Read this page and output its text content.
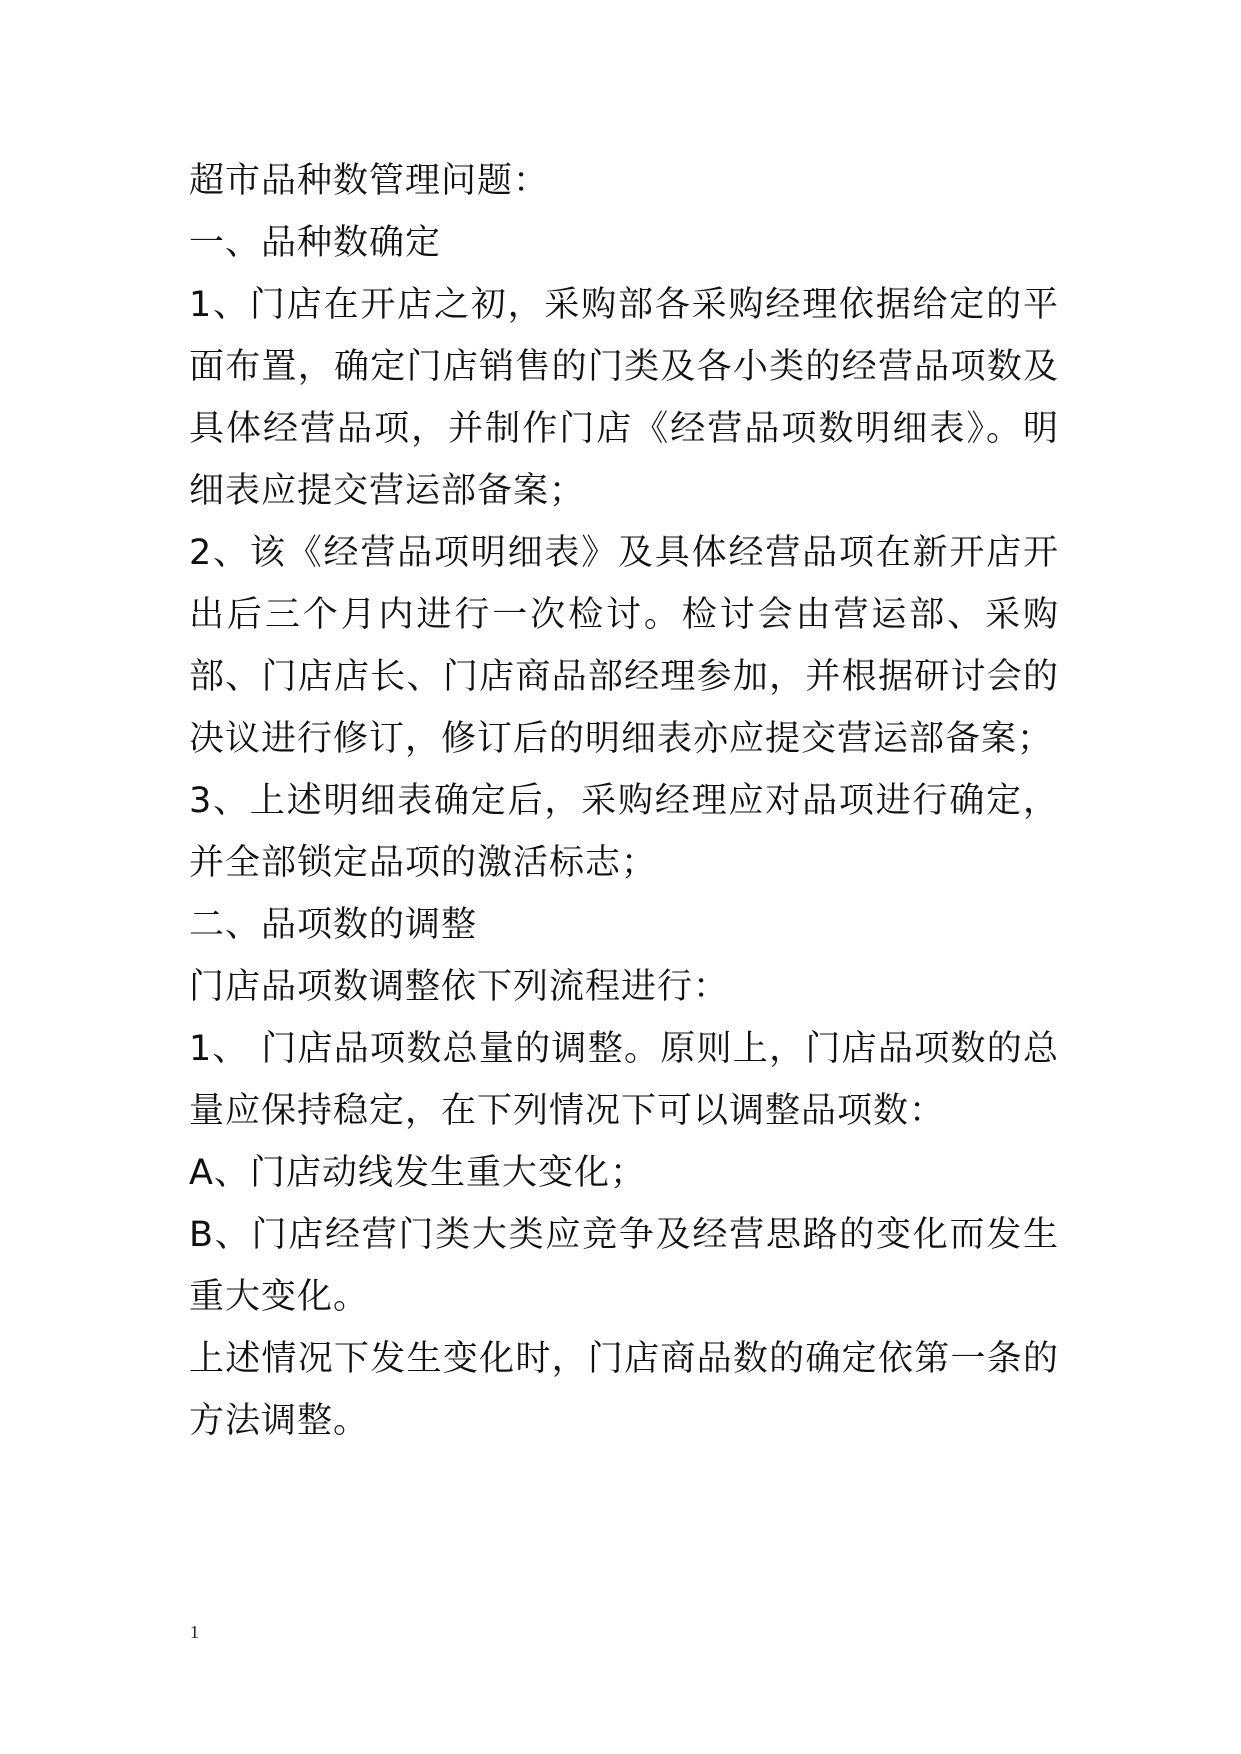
超市品种数管理问题：

一、品种数确定

1、门店在开店之初，采购部各采购经理依据给定的平面布置，确定门店销售的门类及各小类的经营品项数及具体经营品项，并制作门店《经营品项数明细表》。明细表应提交营运部备案；

2、该《经营品项明细表》及具体经营品项在新开店开出后三个月内进行一次检讨。检讨会由营运部、采购部、门店店长、门店商品部经理参加，并根据研讨会的决议进行修订，修订后的明细表亦应提交营运部备案；

3、上述明细表确定后，采购经理应对品项进行确定，并全部锁定品项的激活标志；

二、品项数的调整

门店品项数调整依下列流程进行：

1、 门店品项数总量的调整。原则上，门店品项数的总量应保持稳定，在下列情况下可以调整品项数：

A、门店动线发生重大变化；

B、门店经营门类大类应竞争及经营思路的变化而发生重大变化。

上述情况下发生变化时，门店商品数的确定依第一条的方法调整。

1
